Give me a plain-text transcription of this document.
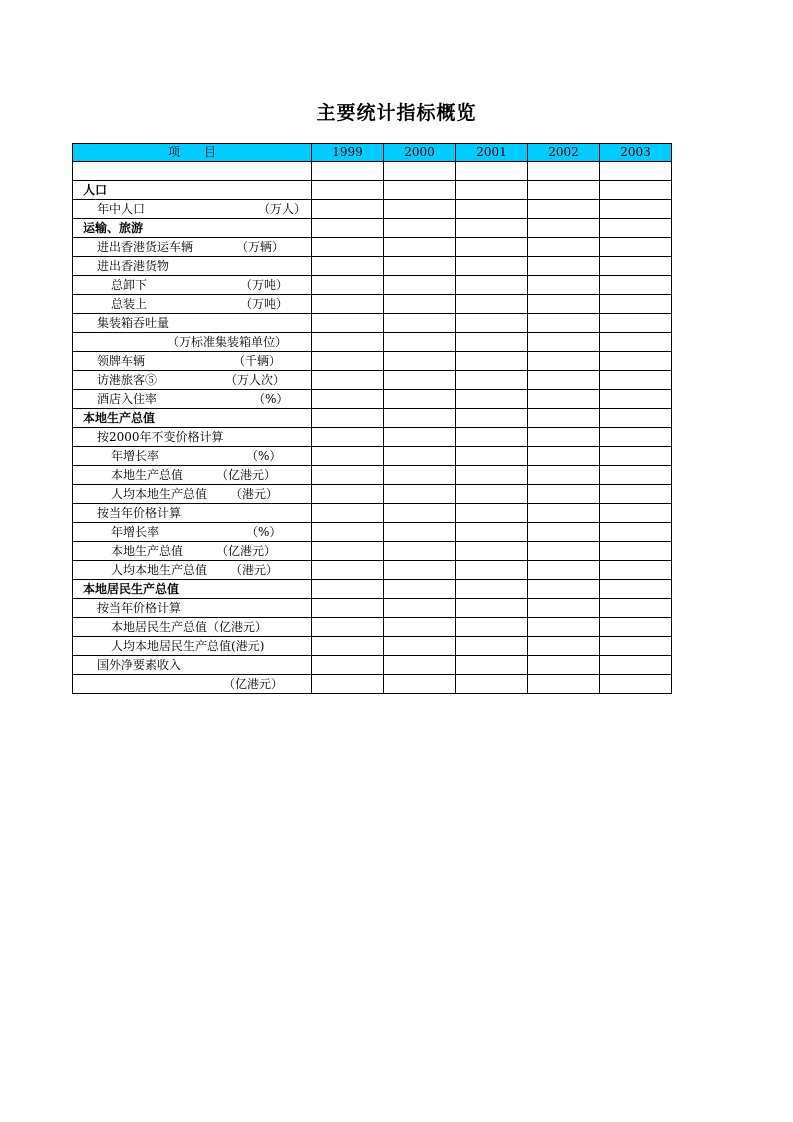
主要统计指标概览
项　　目	1999	2000	2001	2002	2003

人口					

年中人口 （万人）					

运输、旅游					

进出香港货运车辆 （万辆）					

进出香港货物					

总卸下 （万吨）					

总装上 （万吨）					

集装箱吞吐量					

（万标准集装箱单位）					

领牌车辆 （千辆）					

访港旅客⑤ （万人次）					

酒店入住率 （%）					

本地生产总值					

按2000年不变价格计算					

年增长率 （%）					

本地生产总值 （亿港元）					

人均本地生产总值 （港元）					

按当年价格计算					

年增长率 （%）					

本地生产总值 （亿港元）					

人均本地生产总值 （港元）					

本地居民生产总值					

按当年价格计算					

本地居民生产总值（亿港元）					

人均本地居民生产总值(港元)					

国外净要素收入					

（亿港元）					
